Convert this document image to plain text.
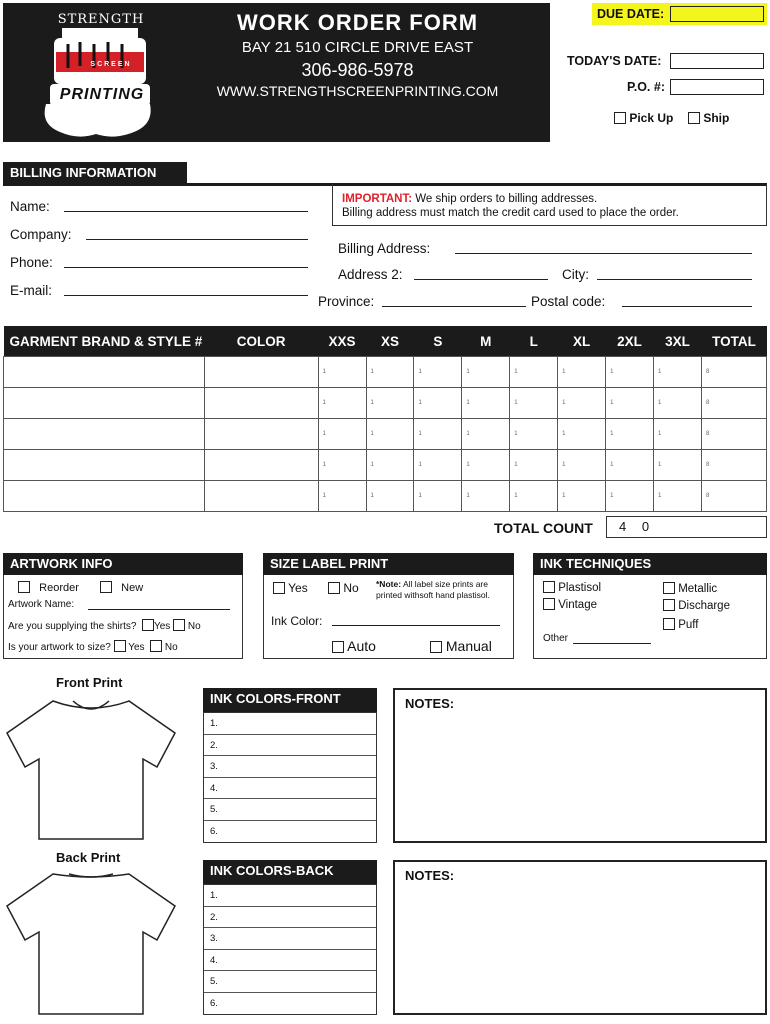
STRENGTH
SCREEN
PRINTING
WORK ORDER FORM
BAY 21 510 CIRCLE DRIVE EAST
306-986-5978
WWW.STRENGTHSCREENPRINTING.COM
DUE DATE:
TODAY'S DATE:
P.O. #:
Pick Up	Ship
BILLING INFORMATION
Name:
Company:
Phone:
E-mail:
IMPORTANT: We ship orders to billing addresses.
Billing address must match the credit card used to place the order.
Billing Address:
Address 2:	City:
Province:	Postal code:
GARMENT BRAND & STYLE #	COLOR	XXS	XS	S	M	L	XL	2XL	3XL	TOTAL
		1	1	1	1	1	1	1	1	8
		1	1	1	1	1	1	1	1	8
		1	1	1	1	1	1	1	1	8
		1	1	1	1	1	1	1	1	8
		1	1	1	1	1	1	1	1	8
TOTAL COUNT	4 0
ARTWORK INFO
Reorder	New
Artwork Name:
Are you supplying the shirts? Yes No
Is your artwork to size? Yes No
SIZE LABEL PRINT
Yes	No *Note: All label size prints are
printed withsoft hand plastisol.
Ink Color:
Auto	Manual
INK TECHNIQUES
Plastisol
Vintage
Metallic
Discharge
Puff
Other
Front Print
INK COLORS-FRONT
1.
2.
3.
4.
5.
6.
NOTES:
Back Print
INK COLORS-BACK
1.
2.
3.
4.
5.
6.
NOTES:
